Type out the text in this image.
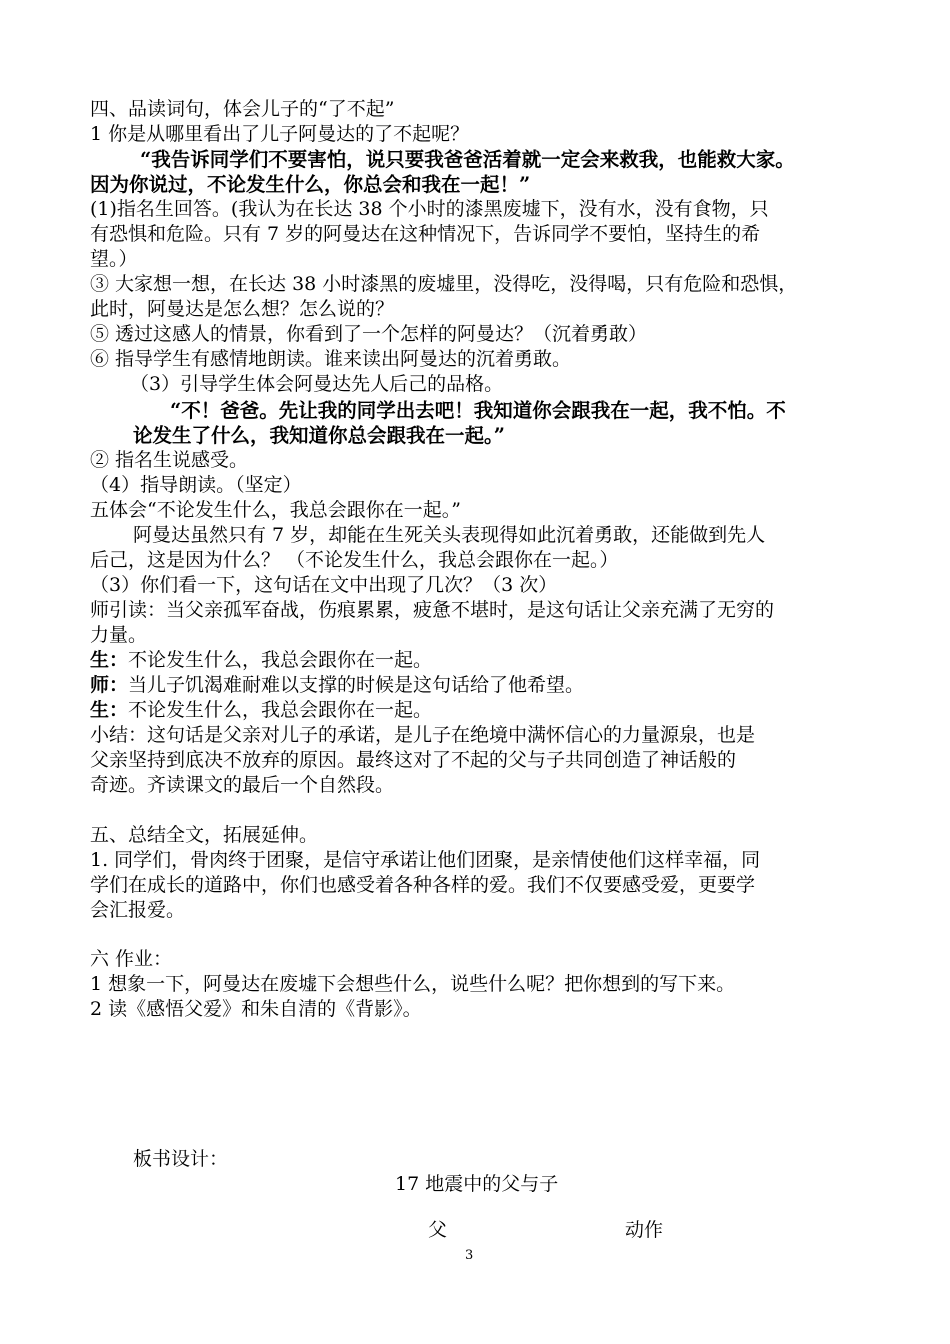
四、品读词句，体会儿子的“了不起”
1 你是从哪里看出了儿子阿曼达的了不起呢？
“我告诉同学们不要害怕，说只要我爸爸活着就一定会来救我，也能救大家。
因为你说过，不论发生什么，你总会和我在一起！”
(1)指名生回答。(我认为在长达 38 个小时的漆黑废墟下，没有水，没有食物，只
有恐惧和危险。只有 7 岁的阿曼达在这种情况下，告诉同学不要怕，坚持生的希
望。）
③ 大家想一想，在长达 38 小时漆黑的废墟里，没得吃，没得喝，只有危险和恐惧，
此时，阿曼达是怎么想？怎么说的？
⑤ 透过这感人的情景，你看到了一个怎样的阿曼达？（沉着勇敢）
⑥ 指导学生有感情地朗读。谁来读出阿曼达的沉着勇敢。
（3）引导学生体会阿曼达先人后己的品格。
“不！爸爸。先让我的同学出去吧！我知道你会跟我在一起，我不怕。不
论发生了什么，我知道你总会跟我在一起。”
② 指名生说感受。
（4）指导朗读。（坚定）
五体会“不论发生什么，我总会跟你在一起。”
阿曼达虽然只有 7 岁，却能在生死关头表现得如此沉着勇敢，还能做到先人
后己，这是因为什么？ （不论发生什么，我总会跟你在一起。）
（3）你们看一下，这句话在文中出现了几次？（3 次）
师引读：当父亲孤军奋战，伤痕累累，疲惫不堪时，是这句话让父亲充满了无穷的
力量。
生：不论发生什么，我总会跟你在一起。
师：当儿子饥渴难耐难以支撑的时候是这句话给了他希望。
生：不论发生什么，我总会跟你在一起。
小结：这句话是父亲对儿子的承诺，是儿子在绝境中满怀信心的力量源泉，也是
父亲坚持到底决不放弃的原因。最终这对了不起的父与子共同创造了神话般的
奇迹。齐读课文的最后一个自然段。
五、总结全文，拓展延伸。
1. 同学们，骨肉终于团聚，是信守承诺让他们团聚，是亲情使他们这样幸福，同
学们在成长的道路中，你们也感受着各种各样的爱。我们不仅要感受爱，更要学
会汇报爱。
六 作业：
1 想象一下，阿曼达在废墟下会想些什么，说些什么呢？把你想到的写下来。
2 读《感悟父爱》和朱自清的《背影》。
板书设计：
17 地震中的父与子
父	动作
3
